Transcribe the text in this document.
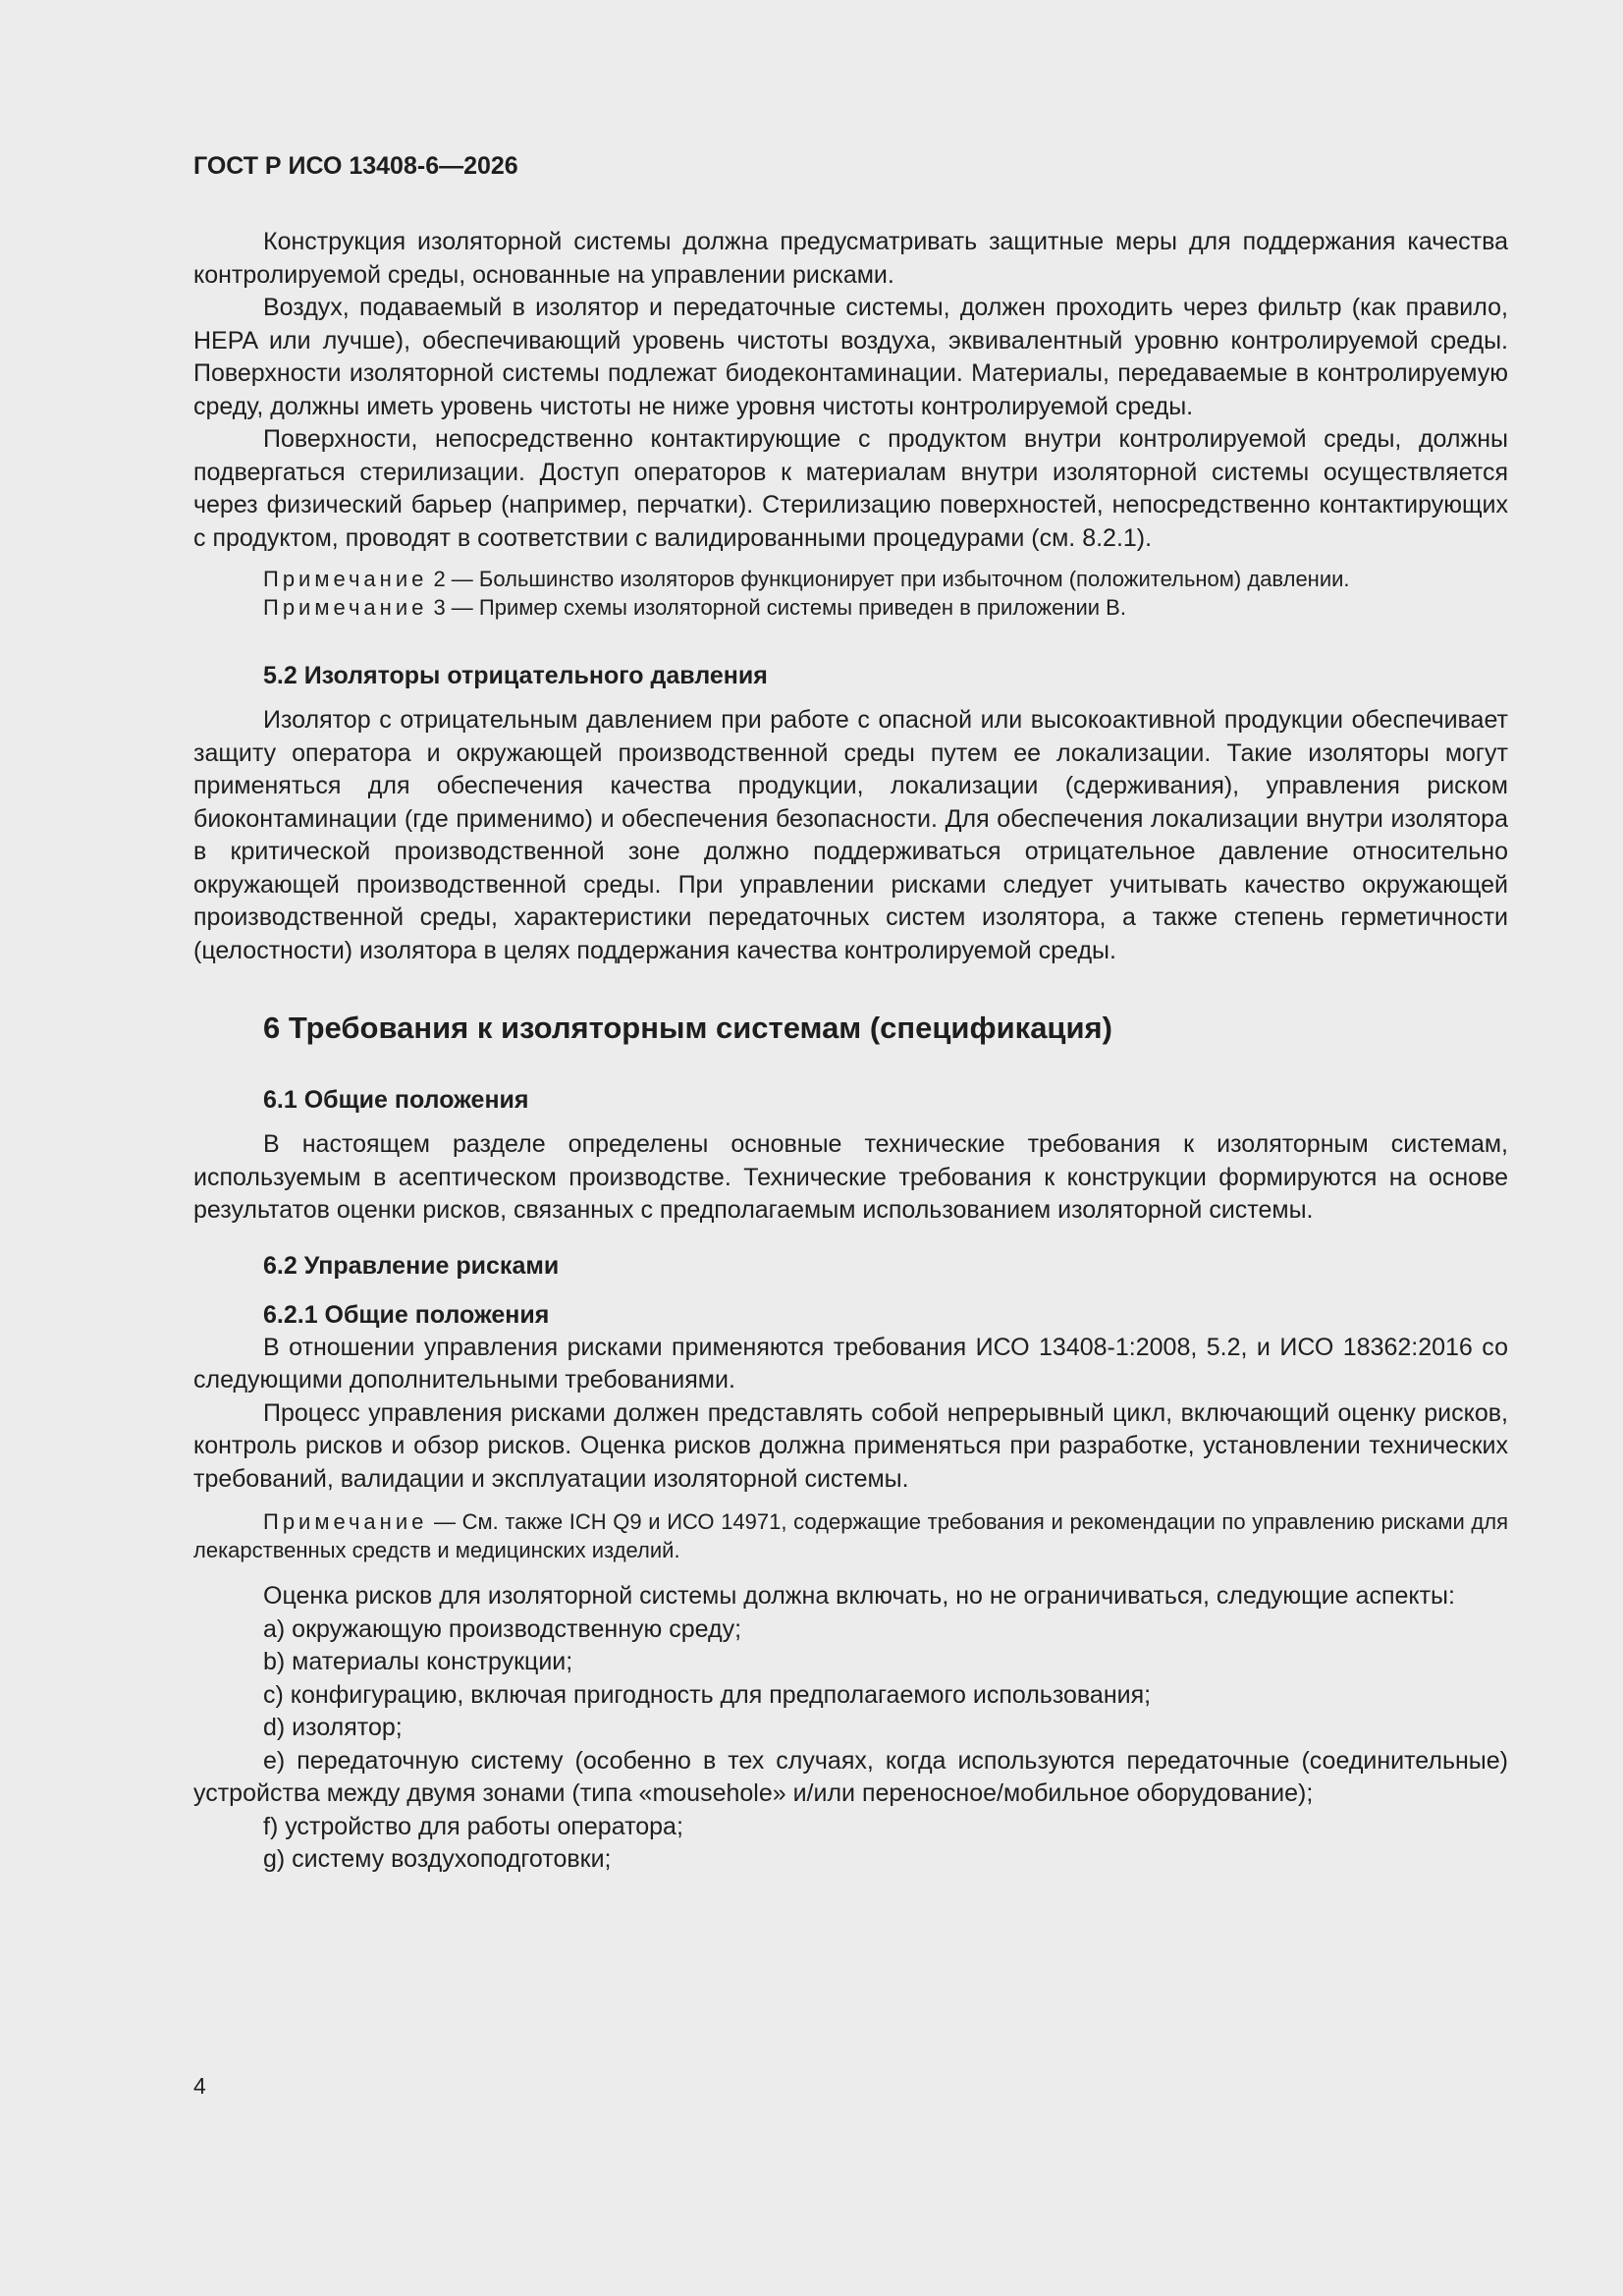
ГОСТ Р ИСО 13408-6—2026

Конструкция изоляторной системы должна предусматривать защитные меры для поддержания качества контролируемой среды, основанные на управлении рисками.

Воздух, подаваемый в изолятор и передаточные системы, должен проходить через фильтр (как правило, HEPA или лучше), обеспечивающий уровень чистоты воздуха, эквивалентный уровню контролируемой среды. Поверхности изоляторной системы подлежат биодеконтаминации. Материалы, передаваемые в контролируемую среду, должны иметь уровень чистоты не ниже уровня чистоты контролируемой среды.

Поверхности, непосредственно контактирующие с продуктом внутри контролируемой среды, должны подвергаться стерилизации. Доступ операторов к материалам внутри изоляторной системы осуществляется через физический барьер (например, перчатки). Стерилизацию поверхностей, непосредственно контактирующих с продуктом, проводят в соответствии с валидированными процедурами (см. 8.2.1).

Примечание 2 — Большинство изоляторов функционирует при избыточном (положительном) давлении.

Примечание 3 — Пример схемы изоляторной системы приведен в приложении В.

5.2 Изоляторы отрицательного давления

Изолятор с отрицательным давлением при работе с опасной или высокоактивной продукции обеспечивает защиту оператора и окружающей производственной среды путем ее локализации. Такие изоляторы могут применяться для обеспечения качества продукции, локализации (сдерживания), управления риском биоконтаминации (где применимо) и обеспечения безопасности. Для обеспечения локализации внутри изолятора в критической производственной зоне должно поддерживаться отрицательное давление относительно окружающей производственной среды. При управлении рисками следует учитывать качество окружающей производственной среды, характеристики передаточных систем изолятора, а также степень герметичности (целостности) изолятора в целях поддержания качества контролируемой среды.

6 Требования к изоляторным системам (спецификация)
6.1 Общие положения

В настоящем разделе определены основные технические требования к изоляторным системам, используемым в асептическом производстве. Технические требования к конструкции формируются на основе результатов оценки рисков, связанных с предполагаемым использованием изоляторной системы.

6.2 Управление рисками
6.2.1 Общие положения

В отношении управления рисками применяются требования ИСО 13408-1:2008, 5.2, и ИСО 18362:2016 со следующими дополнительными требованиями.

Процесс управления рисками должен представлять собой непрерывный цикл, включающий оценку рисков, контроль рисков и обзор рисков. Оценка рисков должна применяться при разработке, установлении технических требований, валидации и эксплуатации изоляторной системы.

Примечание — См. также ICH Q9 и ИСО 14971, содержащие требования и рекомендации по управлению рисками для лекарственных средств и медицинских изделий.

Оценка рисков для изоляторной системы должна включать, но не ограничиваться, следующие аспекты:

а) окружающую производственную среду;

b) материалы конструкции;

c) конфигурацию, включая пригодность для предполагаемого использования;

d) изолятор;

e) передаточную систему (особенно в тех случаях, когда используются передаточные (соединительные) устройства между двумя зонами (типа «mousehole» и/или переносное/мобильное оборудование);

f) устройство для работы оператора;

g) систему воздухоподготовки;

4
